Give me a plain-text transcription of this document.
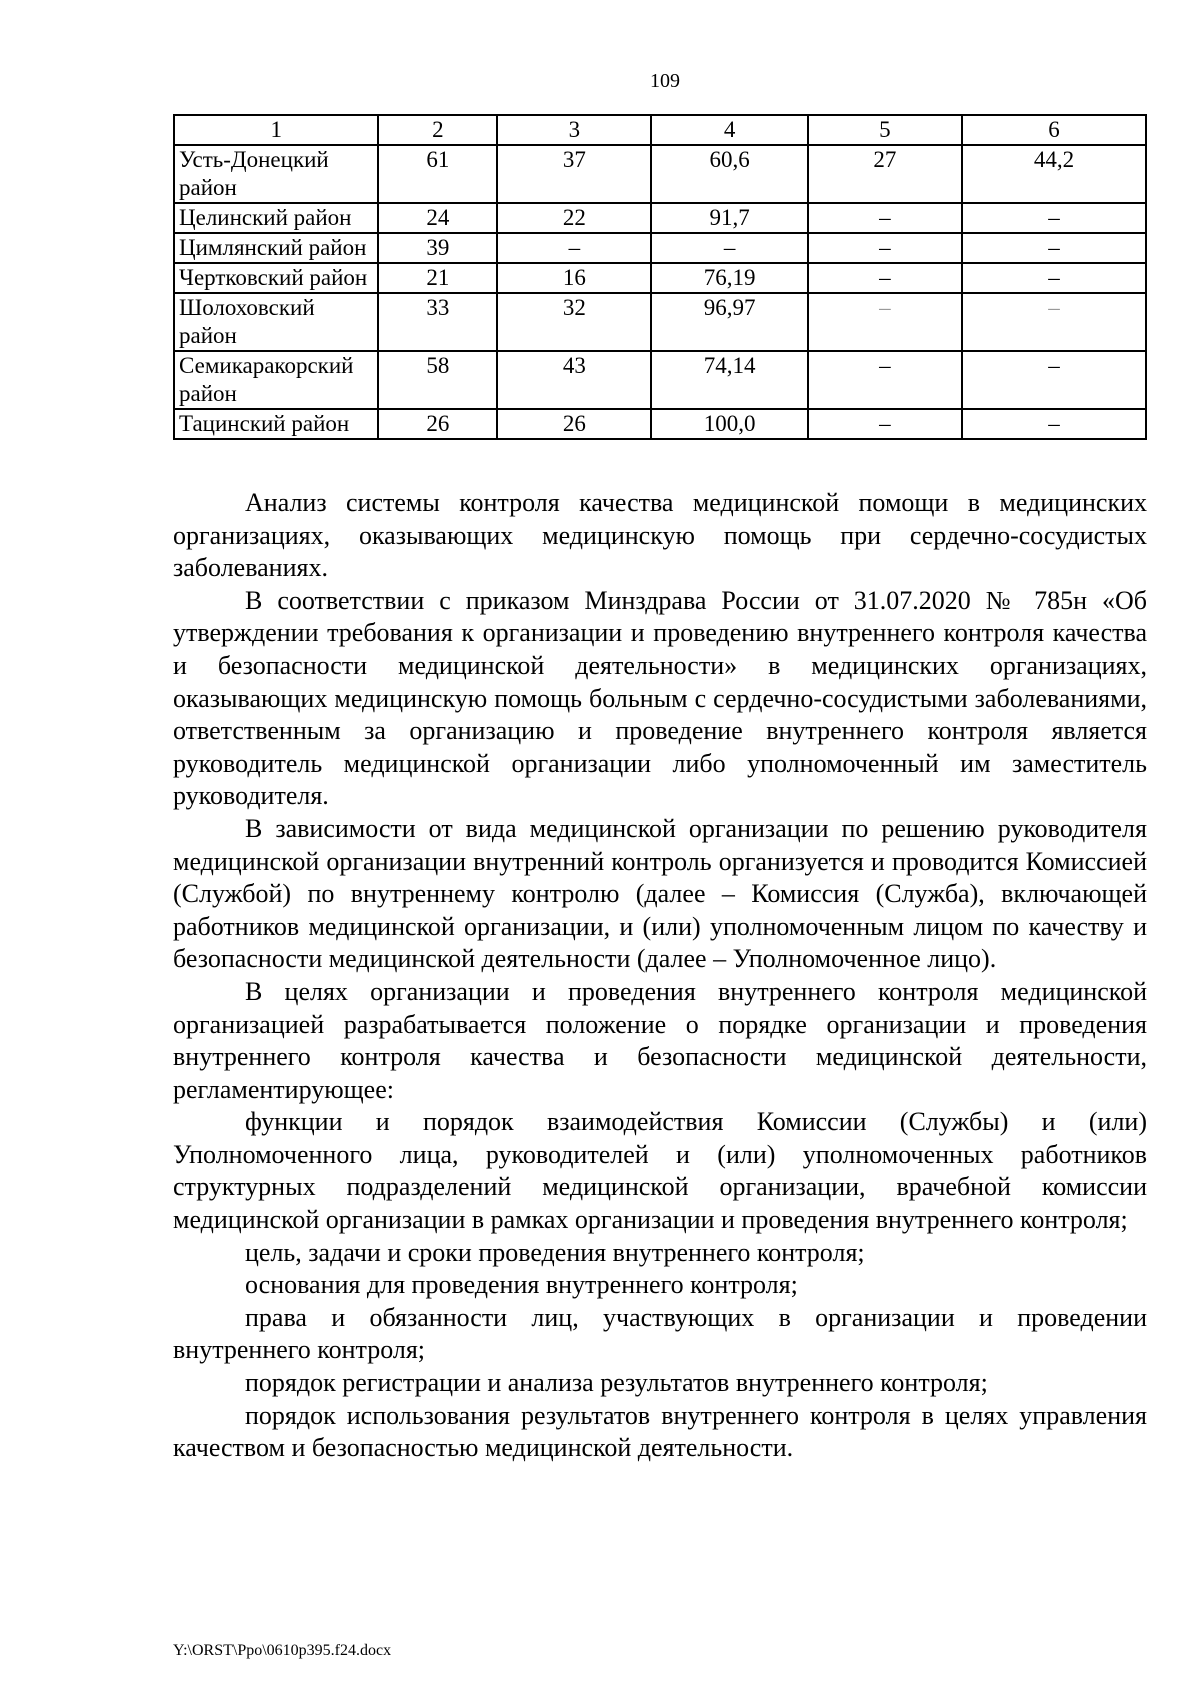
109
1	2	3	4	5	6
Усть-Донецкий район	61	37	60,6	27	44,2
Целинский район	24	22	91,7	–	–
Цимлянский район	39	–	–	–	–
Чертковский район	21	16	76,19	–	–
Шолоховский район	33	32	96,97	–	–
Семикаракорский район	58	43	74,14	–	–
Тацинский район	26	26	100,0	–	–

Анализ системы контроля качества медицинской помощи в медицинских организациях, оказывающих медицинскую помощь при сердечно-сосудистых заболеваниях.

В соответствии с приказом Минздрава России от 31.07.2020 № 785н «Об утверждении требования к организации и проведению внутреннего контроля качества и безопасности медицинской деятельности» в медицинских организациях, оказывающих медицинскую помощь больным с сердечно-сосудистыми заболеваниями, ответственным за организацию и проведение внутреннего контроля является руководитель медицинской организации либо уполномоченный им заместитель руководителя.

В зависимости от вида медицинской организации по решению руководителя медицинской организации внутренний контроль организуется и проводится Комиссией (Службой) по внутреннему контролю (далее – Комиссия (Служба), включающей работников медицинской организации, и (или) уполномоченным лицом по качеству и безопасности медицинской деятельности (далее – Уполномоченное лицо).

В целях организации и проведения внутреннего контроля медицинской организацией разрабатывается положение о порядке организации и проведения внутреннего контроля качества и безопасности медицинской деятельности, регламентирующее:

функции и порядок взаимодействия Комиссии (Службы) и (или) Уполномоченного лица, руководителей и (или) уполномоченных работников структурных подразделений медицинской организации, врачебной комиссии медицинской организации в рамках организации и проведения внутреннего контроля;

цель, задачи и сроки проведения внутреннего контроля;

основания для проведения внутреннего контроля;

права и обязанности лиц, участвующих в организации и проведении внутреннего контроля;

порядок регистрации и анализа результатов внутреннего контроля;

порядок использования результатов внутреннего контроля в целях управления качеством и безопасностью медицинской деятельности.

Y:\ORST\Рро\0610р395.f24.docx
